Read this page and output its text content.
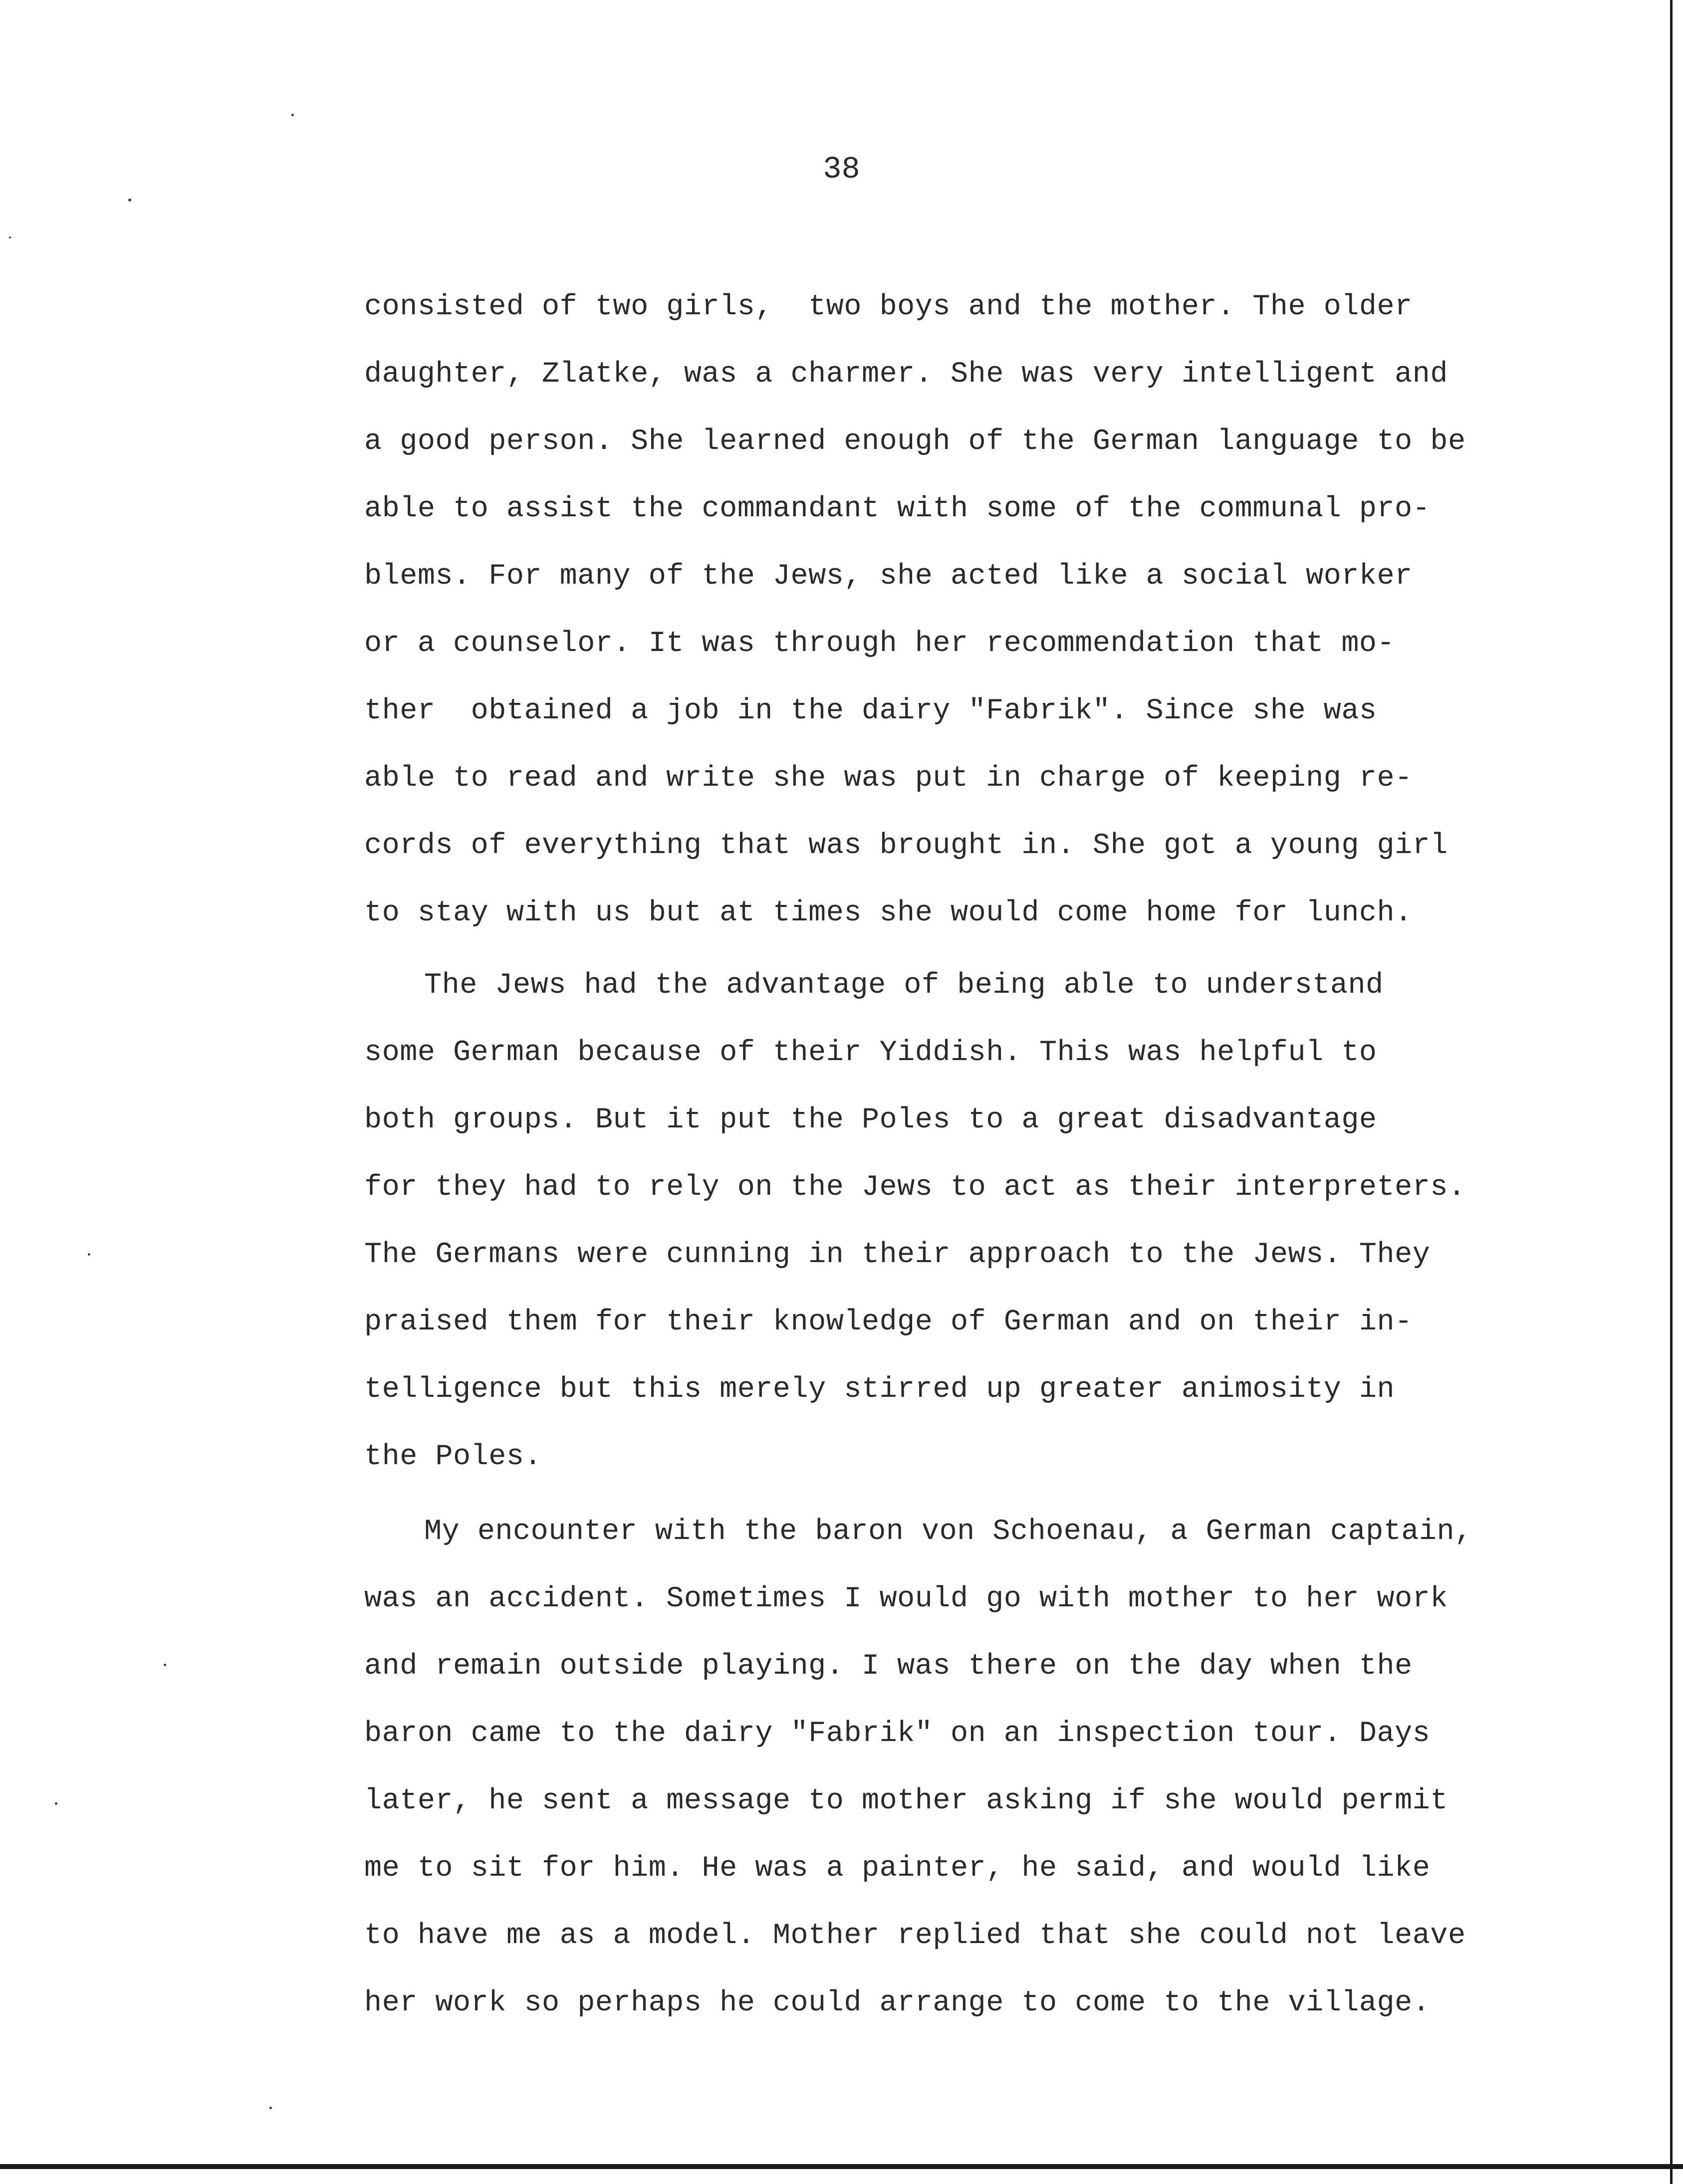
38
consisted of two girls,  two boys and the mother. The older
daughter, Zlatke, was a charmer. She was very intelligent and
a good person. She learned enough of the German language to be
able to assist the commandant with some of the communal pro-
blems. For many of the Jews, she acted like a social worker
or a counselor. It was through her recommendation that mo-
ther  obtained a job in the dairy "Fabrik". Since she was
able to read and write she was put in charge of keeping re-
cords of everything that was brought in. She got a young girl
to stay with us but at times she would come home for lunch.
The Jews had the advantage of being able to understand
some German because of their Yiddish. This was helpful to
both groups. But it put the Poles to a great disadvantage
for they had to rely on the Jews to act as their interpreters.
The Germans were cunning in their approach to the Jews. They
praised them for their knowledge of German and on their in-
telligence but this merely stirred up greater animosity in
the Poles.
My encounter with the baron von Schoenau, a German captain,
was an accident. Sometimes I would go with mother to her work
and remain outside playing. I was there on the day when the
baron came to the dairy "Fabrik" on an inspection tour. Days
later, he sent a message to mother asking if she would permit
me to sit for him. He was a painter, he said, and would like
to have me as a model. Mother replied that she could not leave
her work so perhaps he could arrange to come to the village.
